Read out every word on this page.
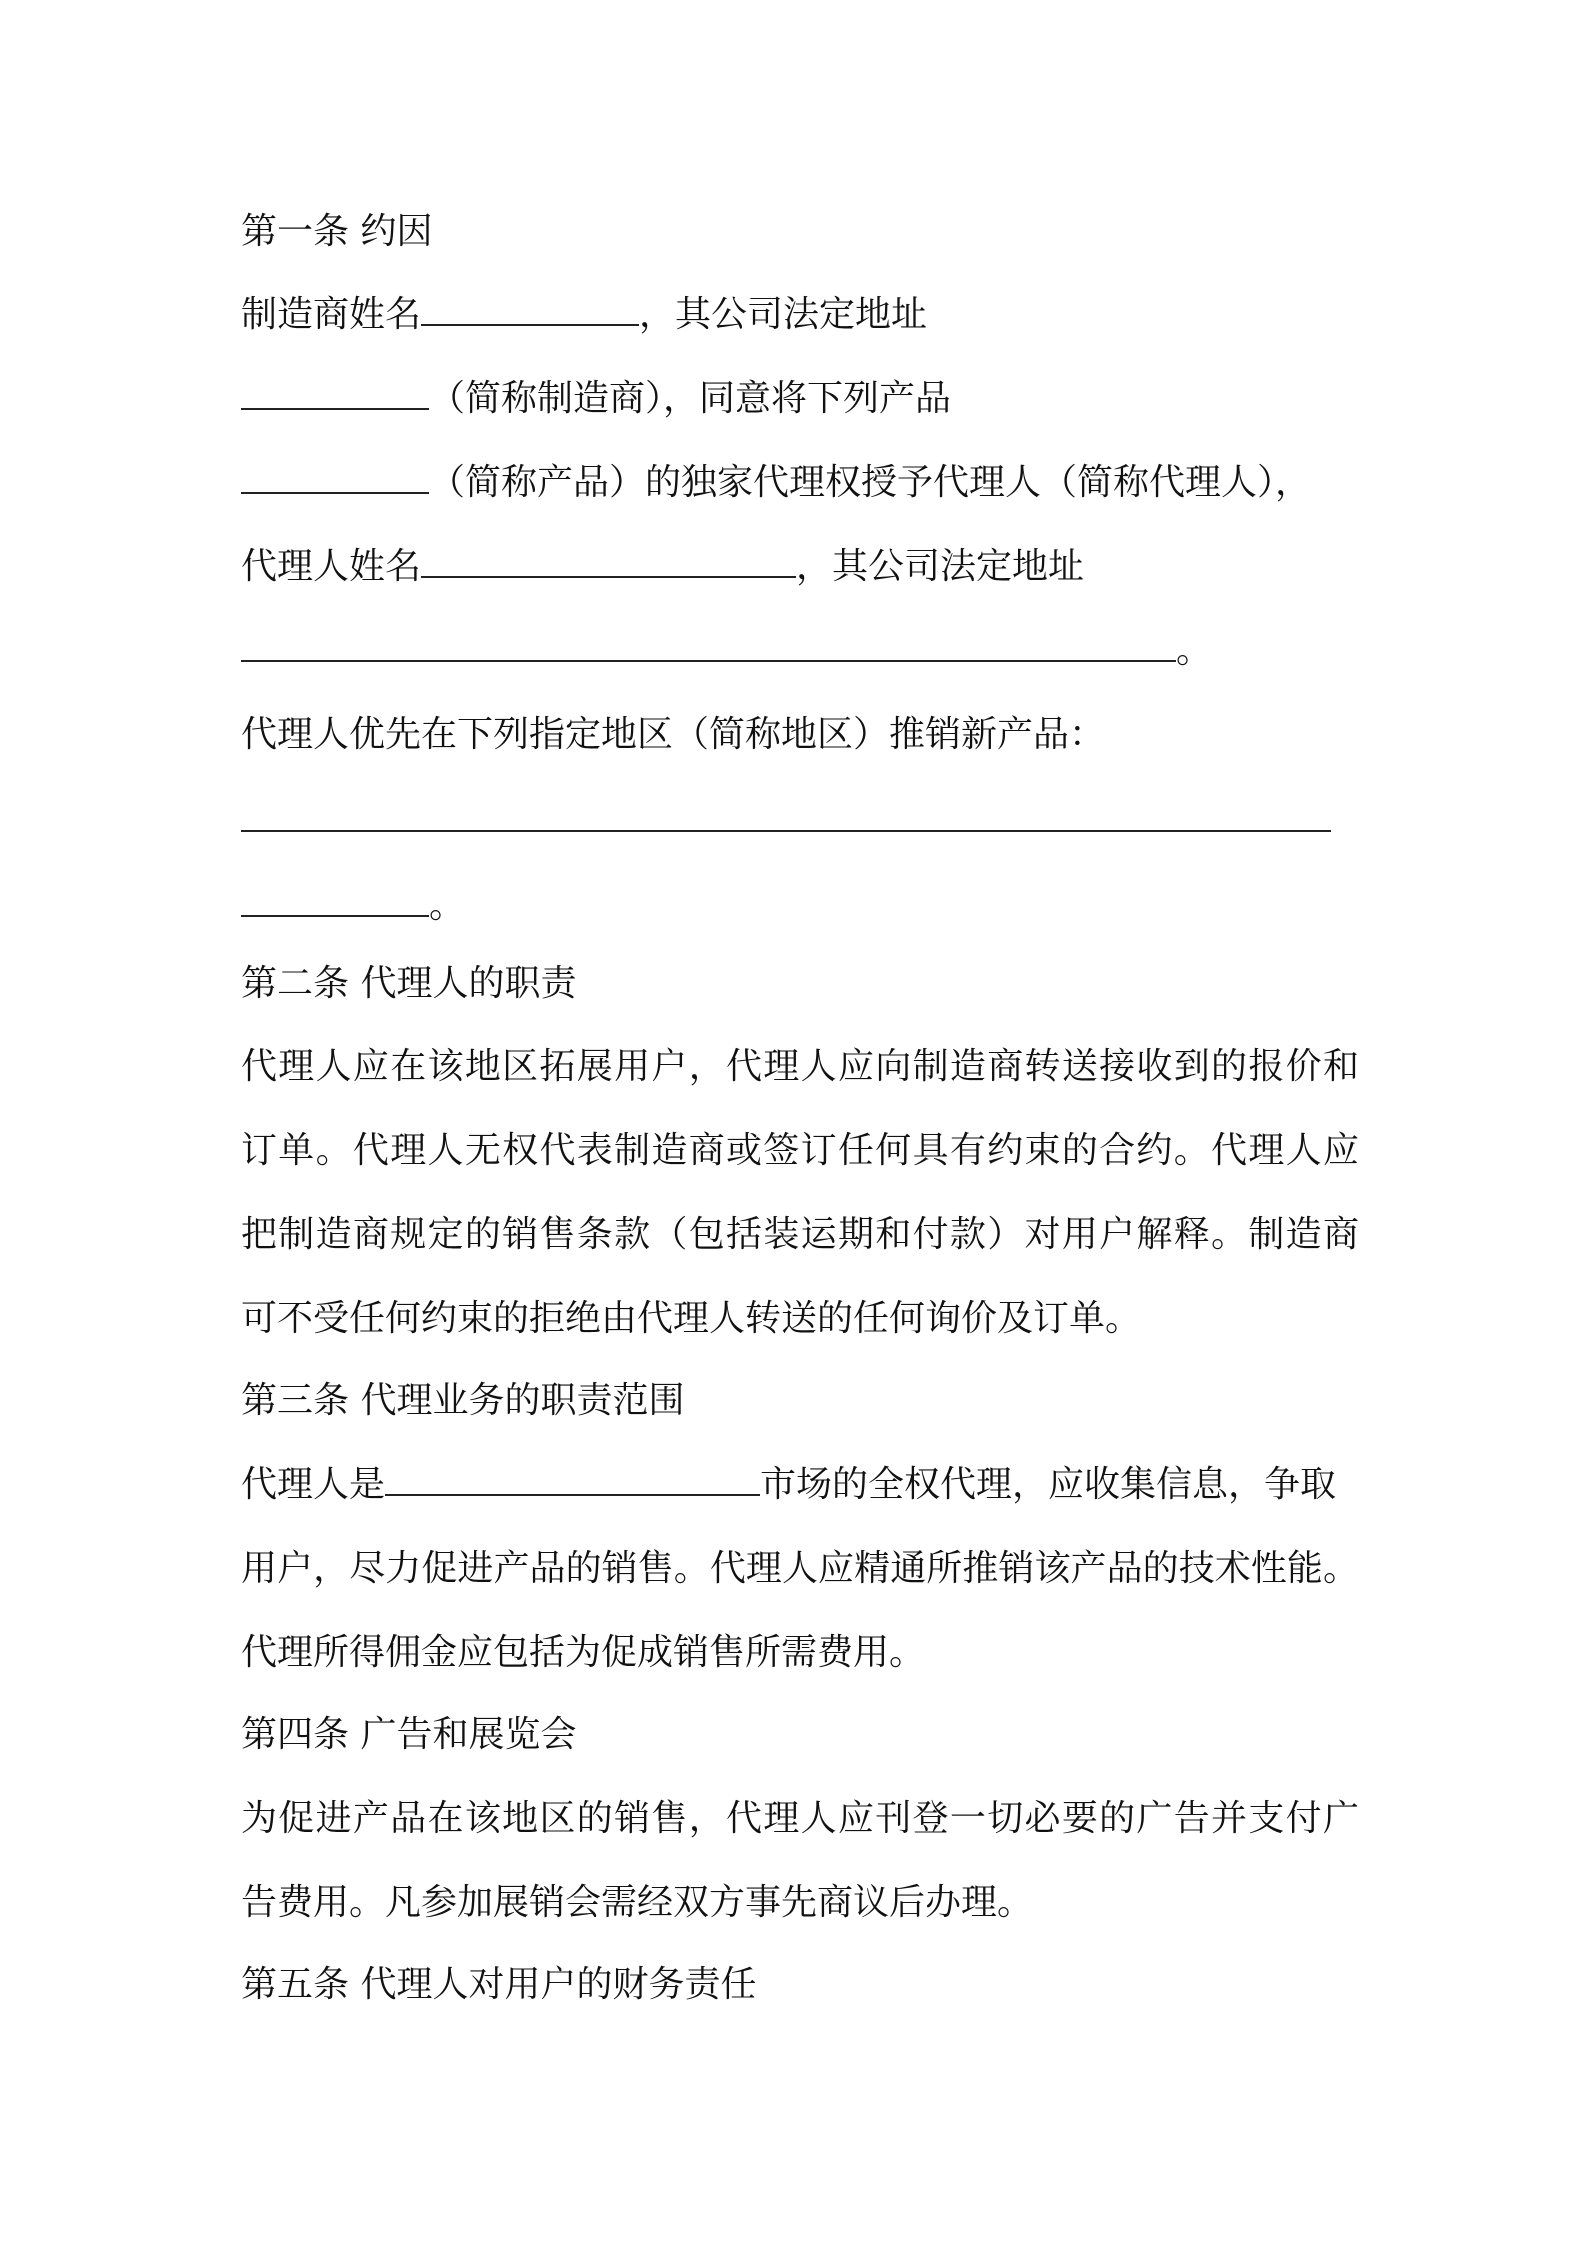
第一条 约因
制造商姓名	，其公司法定地址
（简称制造商），同意将下列产品
（简称产品）的独家代理权授予代理人（简称代理人），
代理人姓名	，其公司法定地址
。
代理人优先在下列指定地区（简称地区）推销新产品：
。
第二条 代理人的职责
代理人应在该地区拓展用户，代理人应向制造商转送接收到的报价和
订单。代理人无权代表制造商或签订任何具有约束的合约。代理人应
把制造商规定的销售条款（包括装运期和付款）对用户解释。制造商
可不受任何约束的拒绝由代理人转送的任何询价及订单。
第三条 代理业务的职责范围
代理人是	市场的全权代理，应收集信息，争取
用户，尽力促进产品的销售。代理人应精通所推销该产品的技术性能。
代理所得佣金应包括为促成销售所需费用。
第四条 广告和展览会
为促进产品在该地区的销售，代理人应刊登一切必要的广告并支付广
告费用。凡参加展销会需经双方事先商议后办理。
第五条 代理人对用户的财务责任
